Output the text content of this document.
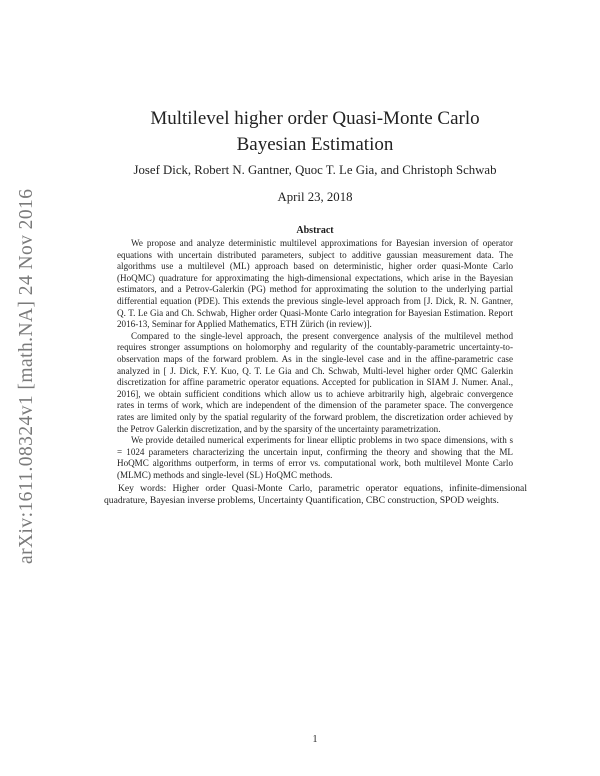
arXiv:1611.08324v1 [math.NA] 24 Nov 2016
Multilevel higher order Quasi-Monte Carlo
Bayesian Estimation
Josef Dick, Robert N. Gantner, Quoc T. Le Gia, and Christoph Schwab
April 23, 2018
Abstract

We propose and analyze deterministic multilevel approximations for Bayesian inversion of operator equations with uncertain distributed parameters, subject to additive gaussian measurement data. The algorithms use a multilevel (ML) approach based on deterministic, higher order quasi-Monte Carlo (HoQMC) quadrature for approximating the high-dimensional expectations, which arise in the Bayesian estimators, and a Petrov-Galerkin (PG) method for approximating the solution to the underlying partial differential equation (PDE). This extends the previous single-level approach from [J. Dick, R. N. Gantner, Q. T. Le Gia and Ch. Schwab, Higher order Quasi-Monte Carlo integration for Bayesian Estimation. Report 2016-13, Seminar for Applied Mathematics, ETH Zürich (in review)].

Compared to the single-level approach, the present convergence analysis of the multilevel method requires stronger assumptions on holomorphy and regularity of the countably-parametric uncertainty-to-observation maps of the forward problem. As in the single-level case and in the affine-parametric case analyzed in [ J. Dick, F.Y. Kuo, Q. T. Le Gia and Ch. Schwab, Multi-level higher order QMC Galerkin discretization for affine parametric operator equations. Accepted for publication in SIAM J. Numer. Anal., 2016], we obtain sufficient conditions which allow us to achieve arbitrarily high, algebraic convergence rates in terms of work, which are independent of the dimension of the parameter space. The convergence rates are limited only by the spatial regularity of the forward problem, the discretization order achieved by the Petrov Galerkin discretization, and by the sparsity of the uncertainty parametrization.

We provide detailed numerical experiments for linear elliptic problems in two space dimensions, with s = 1024 parameters characterizing the uncertain input, confirming the theory and showing that the ML HoQMC algorithms outperform, in terms of error vs. computational work, both multilevel Monte Carlo (MLMC) methods and single-level (SL) HoQMC methods.

Key words: Higher order Quasi-Monte Carlo, parametric operator equations, infinite-dimensional quadrature, Bayesian inverse problems, Uncertainty Quantification, CBC construction, SPOD weights.

1
